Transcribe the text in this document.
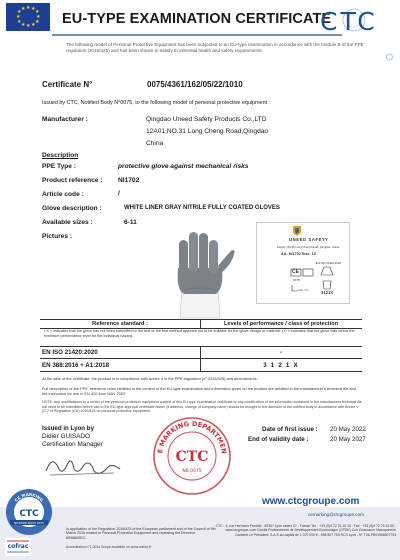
★ ★ ★
★
★
★
★
★
★
★
★ ★
EU-TYPE EXAMINATION CERTIFICATE
CTC
The following model of Personal Protective Equipment has been subjected to an EU-type examination in accordance with the module B of the PPE regulation (2016/425) and has been shown to satisfy to essential health and safety requirements.
Certificate N°	0075/4361/162/05/22/1010
Issued by CTC, Notified Body N°0075, to the following model of personal protective equipment :
Manufacturer :	Qingdao Uneed Safety Products Co.,LTD
12A01,NO.31 Long Cheng Road,Qingdao
China
Description
PPE Type :	protective glove against mechanical risks
Product reference : NI1702
Article code :	/
Glove description :	WHITE LINER GRAY NITRILE FULLY COATED GLOVES
Available sizes :	6-11
Pictures :	UNEED SAFETY
12A01, NO.31 Long Cheng Road, Qingdao, China
Art. NI1702 Size. 10
EN ISO 21420:2020
CE
0075
xxxx / xx	3121X
Reference standard :	Levels of performance / class of protection
• X » indicates that the glove has not been submitted to the test or the test method appears not to be suitable for the glove design or material. • 0 » indicates that the glove falls below the minimum performance level for the individual hazard.
EN ISO 21420:2020	-
EN 388:2016 + A1:2018	3 1 2 1 X
At the date of the certificate, the product is in compliance with Annex II of the PPE regulation (n° 2016/425) and amendments.
Full description of the PPE, reference rules certified in the context of the EU-type examination and information given on the product are detailed in the manufacturer's technical file and the instruction for use in EN 420 from MAY 2022
NOTE: Any modifications to a model of the personal protective equipment subject of this EU-type examination certificate or any modification of the information contained in the manufacturer technical file will need to be submitted before use to the EU-type approval certificate issuer (if address, change of company name) should be brought to the attention of the notified body in accordance with Annex V §7.2 of Regulation (EU) 2016/425 on personal protective equipment.
Issued in Lyon by
Didier GUISADO
Certification Manager
E MARKING DEPARTMEN
CTC
NB 0075
Date of first issue : 20 May 2022
End of validity date :	20 May 2027
www.ctcgroupe.com
cemarking@ctcgroupe.com
CE MARKING
CTC
NOTIFIED BODY 0075
cofrac
In application of the Regulation 2016/425 of the European parliament and of the Council of 9th March 2016 related to Personal Protective Equipment and repealing the Directive 89/686/EEC.
Accreditation n°1.0014 Scope available on www.cofrac.fr
CTC - 4, rue Hermann Frenkel - 69367 Lyon cedex 07 - France Tel. : +33 (0)4 72 76 10 10 - Fax : +33 (0)4 72 76 10 00 - www.ctcgroupe.com Comité Professionnel de Développement Economique (CPDE) Cuir Chaussure Maroquinerie Ganterie Le Président: S.A.S au capital de 1 370 000 € - 956 507 793 RCS Lyon - N° TVA FR01956507793
